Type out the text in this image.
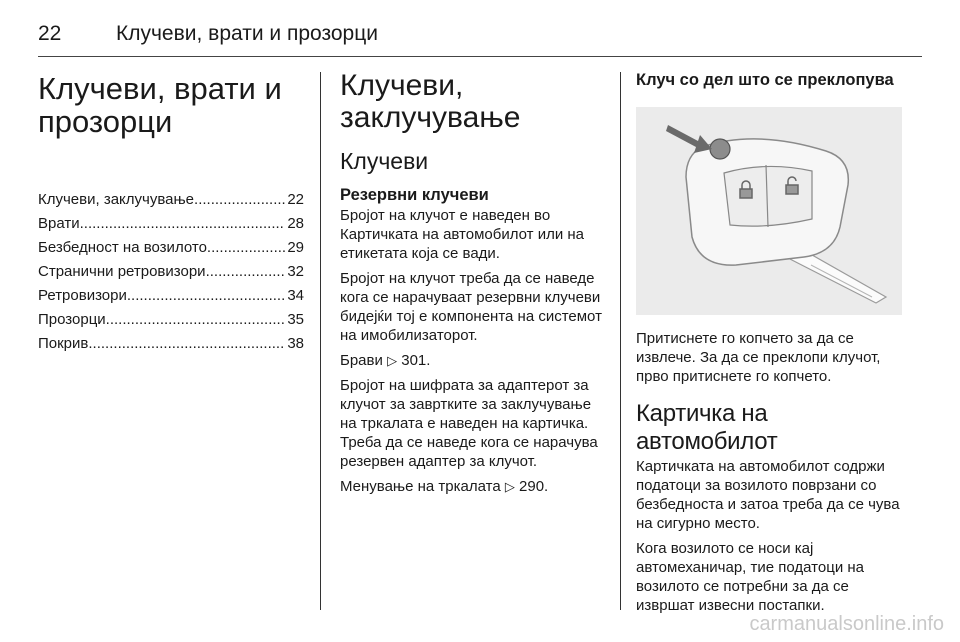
22	Клучеви, врати и прозорци
Клучеви, врати и прозорци
Клучеви, заклучување .....	22
Врати .....	28
Безбедност на возилото .....	29
Странични ретровизори .....	32
Ретровизори .....	34
Прозорци .....	35
Покрив .....	38
Клучеви, заклучување
Клучеви
Резервни клучеви

Бројот на клучот е наведен во Картичката на автомобилот или на етикетата која се вади.

Бројот на клучот треба да се наведе кога се нарачуваат резервни клучеви бидејќи тој е компонента на системот на имобилизаторот.

Брави ▷ 301.

Бројот на шифрата за адаптерот за клучот за завртките за заклучување на тркалата е наведен на картичка. Треба да се наведе кога се нарачува резервен адаптер за клучот.

Менување на тркалата ▷ 290.

Клуч со дел што се преклопува

Притиснете го копчето за да се извлече. За да се преклопи клучот, прво притиснете го копчето.

Картичка на автомобилот

Картичката на автомобилот содржи податоци за возилото поврзани со безбедноста и затоа треба да се чува на сигурно место.

Кога возилото се носи кај автомеханичар, тие податоци на возилото се потребни за да се извршат извесни постапки.

carmanualsonline.info
